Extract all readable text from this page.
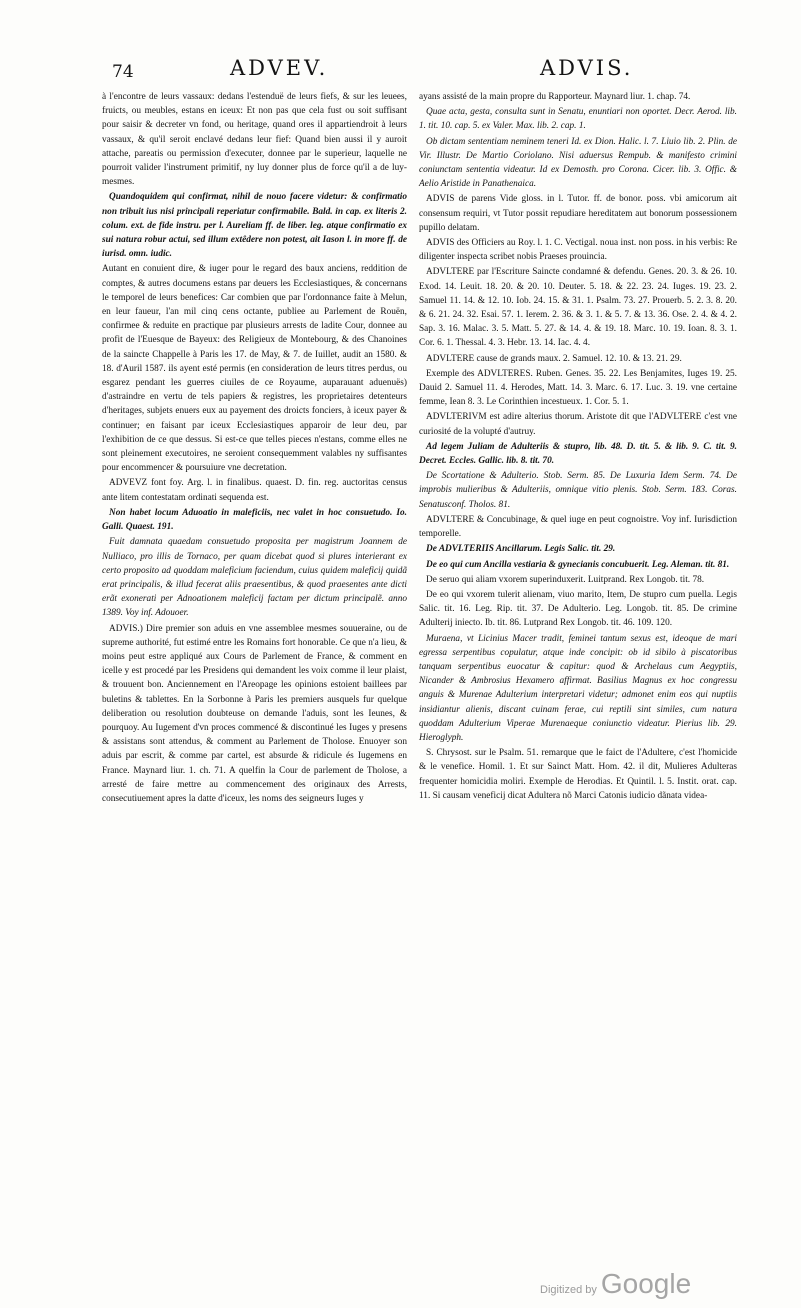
74	ADVEV.	ADVIS.

à l'encontre de leurs vassaux: dedans l'estenduë de leurs fiefs, & sur les leuees, fruicts, ou meubles, estans en iceux: Et non pas que cela fust ou soit suffisant pour saisir & decreter vn fond, ou heritage, quand ores il appartiendroit à leurs vassaux, & qu'il seroit enclavé dedans leur fief: Quand bien aussi il y auroit attache, pareatis ou permission d'executer, donnee par le superieur, laquelle ne pourroit valider l'instrument primitif, ny luy donner plus de force qu'il a de luy-mesmes.

Quandoquidem qui confirmat, nihil de nouo facere videtur: & confirmatio non tribuit ius nisi principali reperiatur confirmabile. Bald. in cap. ex literis 2. colum. ext. de fide instru. per l. Aureliam ff. de liber. leg. atque confirmatio ex sui natura robur actui, sed illum extêdere non potest, ait Iason l. in more ff. de iurisd. omn. iudic.

Autant en conuient dire, & iuger pour le regard des baux anciens, reddition de comptes, & autres documens estans par deuers les Ecclesiastiques, & concernans le temporel de leurs benefices: Car combien que par l'ordonnance faite à Melun, en leur faueur, l'an mil cinq cens octante, publiee au Parlement de Rouën, confirmee & reduite en practique par plusieurs arrests de ladite Cour, donnee au profit de l'Euesque de Bayeux: des Religieux de Montebourg, & des Chanoines de la saincte Chappelle à Paris les 17. de May, & 7. de Iuillet, audit an 1580. & 18. d'Auril 1587. ils ayent esté permis (en consideration de leurs titres perdus, ou esgarez pendant les guerres ciuiles de ce Royaume, auparauant aduenuës) d'astraindre en vertu de tels papiers & registres, les proprietaires detenteurs d'heritages, subjets enuers eux au payement des droicts fonciers, à iceux payer & continuer; en faisant par iceux Ecclesiastiques apparoir de leur deu, par l'exhibition de ce que dessus. Si est-ce que telles pieces n'estans, comme elles ne sont pleinement executoires, ne seroient consequemment valables ny suffisantes pour encommencer & poursuiure vne decretation.

ADVEVZ font foy. Arg. l. in finalibus. quaest. D. fin. reg. auctoritas census ante litem contestatam ordinati sequenda est.

Non habet locum Aduoatio in maleficiis, nec valet in hoc consuetudo. Io. Galli. Quaest. 191.

Fuit damnata quaedam consuetudo proposita per magistrum Joannem de Nulliaco, pro illis de Tornaco, per quam dicebat quod si plures interierant ex certo proposito ad quoddam maleficium faciendum, cuius quidem maleficij quidã erat principalis, & illud fecerat aliis praesentibus, & quod praesentes ante dicti erãt exonerati per Adnoationem maleficij factam per dictum principalẽ. anno 1389. Voy inf. Adouoer.

ADVIS.) Dire premier son aduis en vne assemblee mesmes souueraine, ou de supreme authorité, fut estimé entre les Romains fort honorable. Ce que n'a lieu, & moins peut estre appliqué aux Cours de Parlement de France, & comment en icelle y est procedé par les Presidens qui demandent les voix comme il leur plaist, & trouuent bon. Anciennement en l'Areopage les opinions estoient baillees par buletins & tablettes. En la Sorbonne à Paris les premiers ausquels fur quelque deliberation ou resolution doubteuse on demande l'aduis, sont les Ieunes, & pourquoy. Au Iugement d'vn proces commencé & discontinué les Iuges y presens & assistans sont attendus, & comment au Parlement de Tholose. Enuoyer son aduis par escrit, & comme par cartel, est absurde & ridicule és Iugemens en France. Maynard liur. 1. ch. 71. A quelfin la Cour de parlement de Tholose, a arresté de faire mettre au commencement des originaux des Arrests, consecutiuement apres la datte d'iceux, les noms des seigneurs Iuges y

ayans assisté de la main propre du Rapporteur. Maynard liur. 1. chap. 74.

Quae acta, gesta, consulta sunt in Senatu, enuntiari non oportet. Decr. Aerod. lib. 1. tit. 10. cap. 5. ex Valer. Max. lib. 2. cap. 1.

Ob dictam sententiam neminem teneri Id. ex Dion. Halic. l. 7. Liuio lib. 2. Plin. de Vir. Illustr. De Martio Coriolano. Nisi aduersus Rempub. & manifesto crimini coniunctam sententia videatur. Id ex Demosth. pro Corona. Cicer. lib. 3. Offic. & Aelio Aristide in Panathenaica.

ADVIS de parens Vide gloss. in l. Tutor. ff. de bonor. poss. vbi amicorum ait consensum requiri, vt Tutor possit repudiare hereditatem aut bonorum possessionem pupillo delatam.

ADVIS des Officiers au Roy. l. 1. C. Vectigal. noua inst. non poss. in his verbis: Re diligenter inspecta scribet nobis Praeses prouincia.

ADVLTERE par l'Escriture Saincte condamné & defendu. Genes. 20. 3. & 26. 10. Exod. 14. Leuit. 18. 20. & 20. 10. Deuter. 5. 18. & 22. 23. 24. Iuges. 19. 23. 2. Samuel 11. 14. & 12. 10. Iob. 24. 15. & 31. 1. Psalm. 73. 27. Prouerb. 5. 2. 3. 8. 20. & 6. 21. 24. 32. Esai. 57. 1. Ierem. 2. 36. & 3. 1. & 5. 7. & 13. 36. Ose. 2. 4. & 4. 2. Sap. 3. 16. Malac. 3. 5. Matt. 5. 27. & 14. 4. & 19. 18. Marc. 10. 19. Ioan. 8. 3. 1. Cor. 6. 1. Thessal. 4. 3. Hebr. 13. 14. Iac. 4. 4.

ADVLTERE cause de grands maux. 2. Samuel. 12. 10. & 13. 21. 29.

Exemple des ADVLTERES. Ruben. Genes. 35. 22. Les Benjamites, Iuges 19. 25. Dauid 2. Samuel 11. 4. Herodes, Matt. 14. 3. Marc. 6. 17. Luc. 3. 19. vne certaine femme, Iean 8. 3. Le Corinthien incestueux. 1. Cor. 5. 1.

ADVLTERIVM est adire alterius thorum. Aristote dit que l'ADVLTERE c'est vne curiosité de la volupté d'autruy.

Ad legem Juliam de Adulteriis & stupro, lib. 48. D. tit. 5. & lib. 9. C. tit. 9. Decret. Eccles. Gallic. lib. 8. tit. 70.

De Scortatione & Adulterio. Stob. Serm. 85. De Luxuria Idem Serm. 74. De improbis mulieribus & Adulteriis, omnique vitio plenis. Stob. Serm. 183. Coras. Senatusconf. Tholos. 81.

ADVLTERE & Concubinage, & quel iuge en peut cognoistre. Voy inf. Iurisdiction temporelle.

De ADVLTERIIS Ancillarum. Legis Salic. tit. 29.

De eo qui cum Ancilla vestiaria & gynecianis concubuerit. Leg. Aleman. tit. 81.

De seruo qui aliam vxorem superinduxerit. Luitprand. Rex Longob. tit. 78.

De eo qui vxorem tulerit alienam, viuo marito, Item, De stupro cum puella. Legis Salic. tit. 16. Leg. Rip. tit. 37. De Adulterio. Leg. Longob. tit. 85. De crimine Adulterij iniecto. Ib. tit. 86. Lutprand Rex Longob. tit. 46. 109. 120.

Muraena, vt Licinius Macer tradit, feminei tantum sexus est, ideoque de mari egressa serpentibus copulatur, atque inde concipit: ob id sibilo à piscatoribus tanquam serpentibus euocatur & capitur: quod & Archelaus cum Aegyptiis, Nicander & Ambrosius Hexamero affirmat. Basilius Magnus ex hoc congressu anguis & Murenae Adulterium interpretari videtur; admonet enim eos qui nuptiis insidiantur alienis, discant cuinam ferae, cui reptili sint similes, cum natura quoddam Adulterium Viperae Murenaeque coniunctio videatur. Pierius lib. 29. Hieroglyph.

S. Chrysost. sur le Psalm. 51. remarque que le faict de l'Adultere, c'est l'homicide & le venefice. Homil. 1. Et sur Sainct Matt. Hom. 42. il dit, Mulieres Adulteras frequenter homicidia moliri. Exemple de Herodias. Et Quintil. l. 5. Instit. orat. cap. 11. Si causam veneficij dicat Adultera nõ Marci Catonis iudicio dãnata videa-

Digitized by Google
